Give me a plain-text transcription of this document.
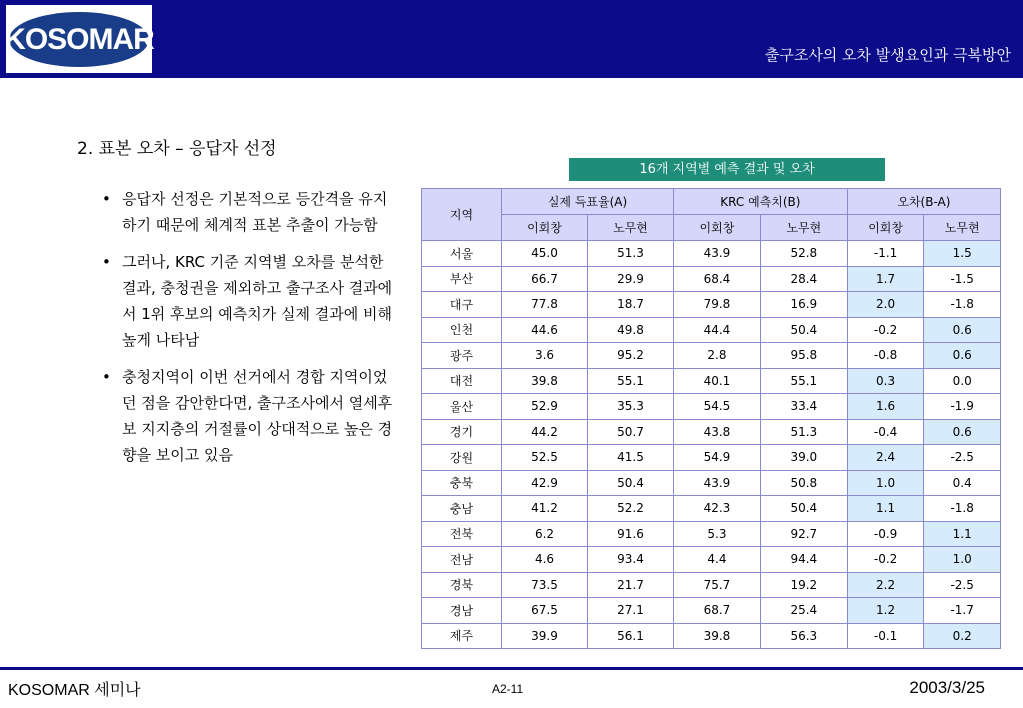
KOSOMAR	출구조사의 오차 발생요인과 극복방안
2. 표본 오차 – 응답자 선정
• 응답자 선정은 기본적으로 등간격을 유지하기 때문에 체계적 표본 추출이 가능함
• 그러나, KRC 기준 지역별 오차를 분석한 결과, 충청권을 제외하고 출구조사 결과에서 1위 후보의 예측치가 실제 결과에 비해 높게 나타남
• 충청지역이 이번 선거에서 경합 지역이었던 점을 감안한다면, 출구조사에서 열세후보 지지층의 거절률이 상대적으로 높은 경향을 보이고 있음
16개 지역별 예측 결과 및 오차
지역	실제 득표율(A)		KRC 예측치(B)		오차(B-A)	
	이회창	노무현	이회창	노무현	이회창	노무현
서울	45.0	51.3	43.9	52.8	-1.1	1.5
부산	66.7	29.9	68.4	28.4	1.7	-1.5
대구	77.8	18.7	79.8	16.9	2.0	-1.8
인천	44.6	49.8	44.4	50.4	-0.2	0.6
광주	3.6	95.2	2.8	95.8	-0.8	0.6
대전	39.8	55.1	40.1	55.1	0.3	0.0
울산	52.9	35.3	54.5	33.4	1.6	-1.9
경기	44.2	50.7	43.8	51.3	-0.4	0.6
강원	52.5	41.5	54.9	39.0	2.4	-2.5
충북	42.9	50.4	43.9	50.8	1.0	0.4
충남	41.2	52.2	42.3	50.4	1.1	-1.8
전북	6.2	91.6	5.3	92.7	-0.9	1.1
전남	4.6	93.4	4.4	94.4	-0.2	1.0
경북	73.5	21.7	75.7	19.2	2.2	-2.5
경남	67.5	27.1	68.7	25.4	1.2	-1.7
제주	39.9	56.1	39.8	56.3	-0.1	0.2
KOSOMAR 세미나	A2-11	2003/3/25
